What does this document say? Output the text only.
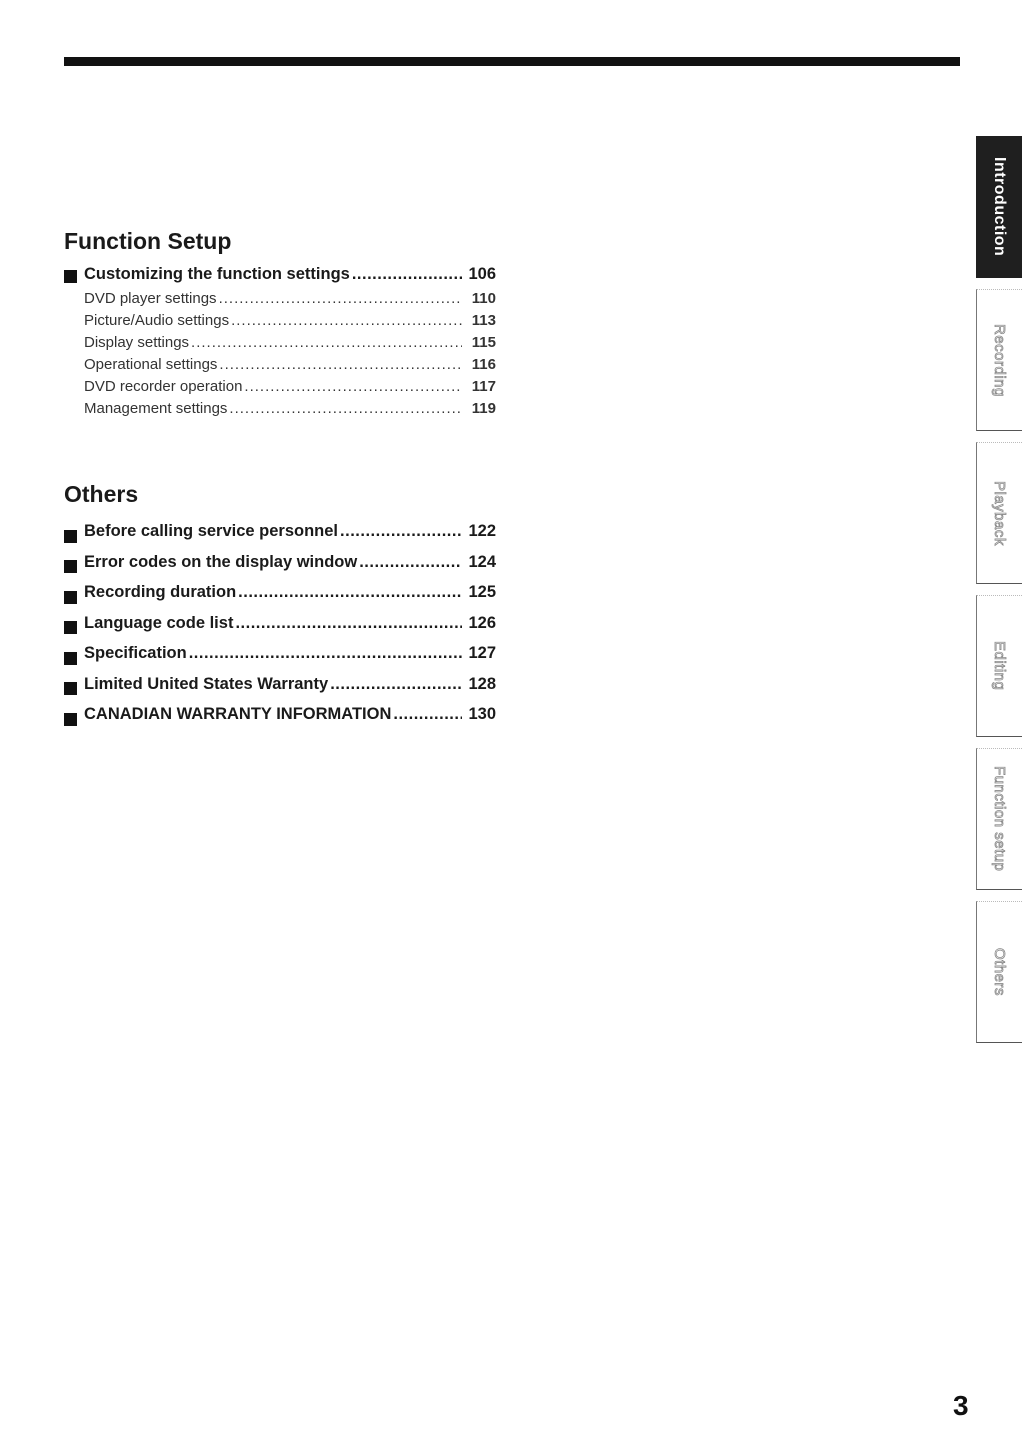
Function Setup
Customizing the function settings .....	106
DVD player settings .....	110
Picture/Audio settings .....	113
Display settings .....	115
Operational settings .....	116
DVD recorder operation .....	117
Management settings .....	119
Others
Before calling service personnel .....	122
Error codes on the display window .....	124
Recording duration .....	125
Language code list .....	126
Specification .....	127
Limited United States Warranty .....	128
CANADIAN WARRANTY INFORMATION .....	130
Introduction
Recording
Playback
Editing
Function setup
Others
3
